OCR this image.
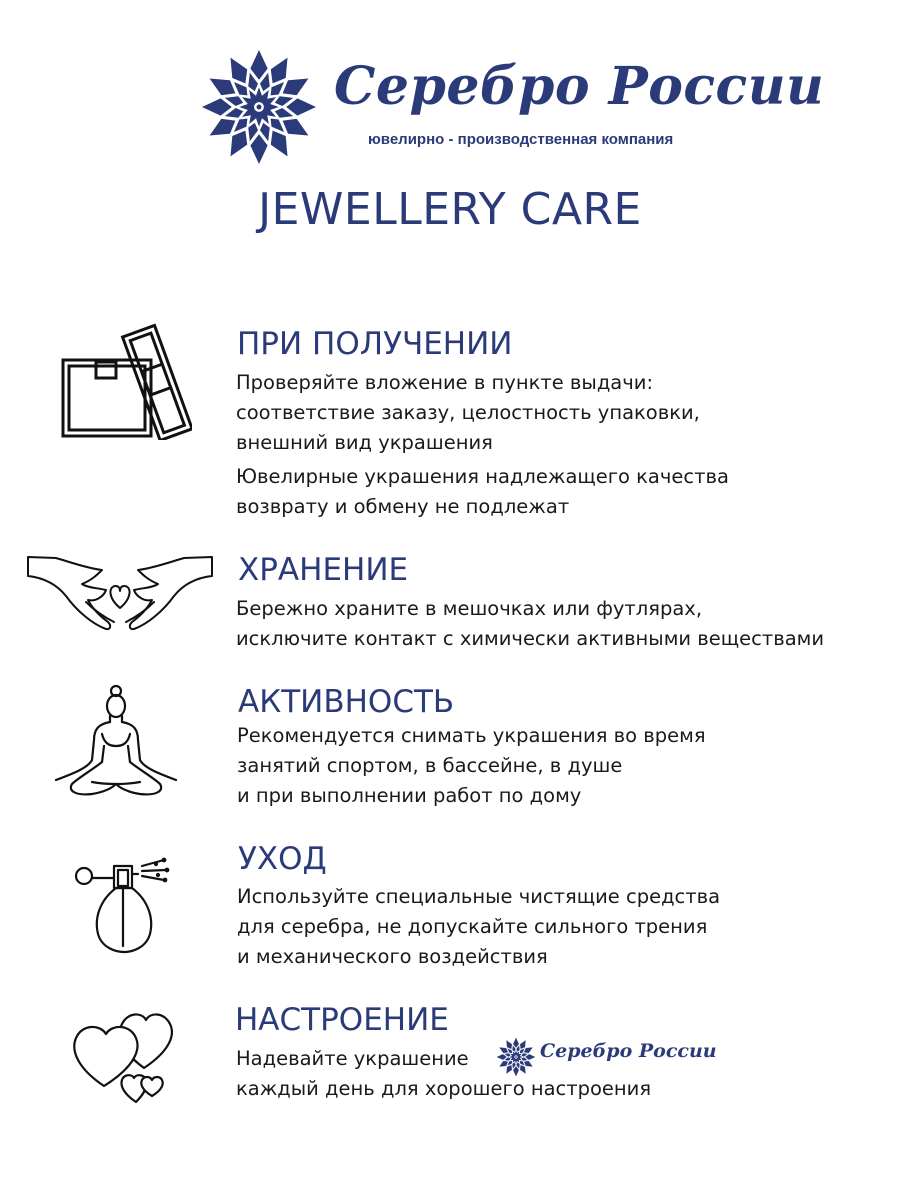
Серебро России
ювелирно - производственная компания
JEWELLERY CARE
ПРИ ПОЛУЧЕНИИ

Проверяйте вложение в пункте выдачи:

соответствие заказу, целостность упаковки,

внешний вид украшения

Ювелирные украшения надлежащего качества

возврату и обмену не подлежат

ХРАНЕНИЕ

Бережно храните в мешочках или футлярах,

исключите контакт с химически активными веществами

АКТИВНОСТЬ

Рекомендуется снимать украшения во время

занятий спортом, в бассейне, в душе

и при выполнении работ по дому

УХОД

Используйте специальные чистящие средства

для серебра, не допускайте сильного трения

и механического воздействия

НАСТРОЕНИЕ

Надевайте украшение

каждый день для хорошего настроения

Серебро России
